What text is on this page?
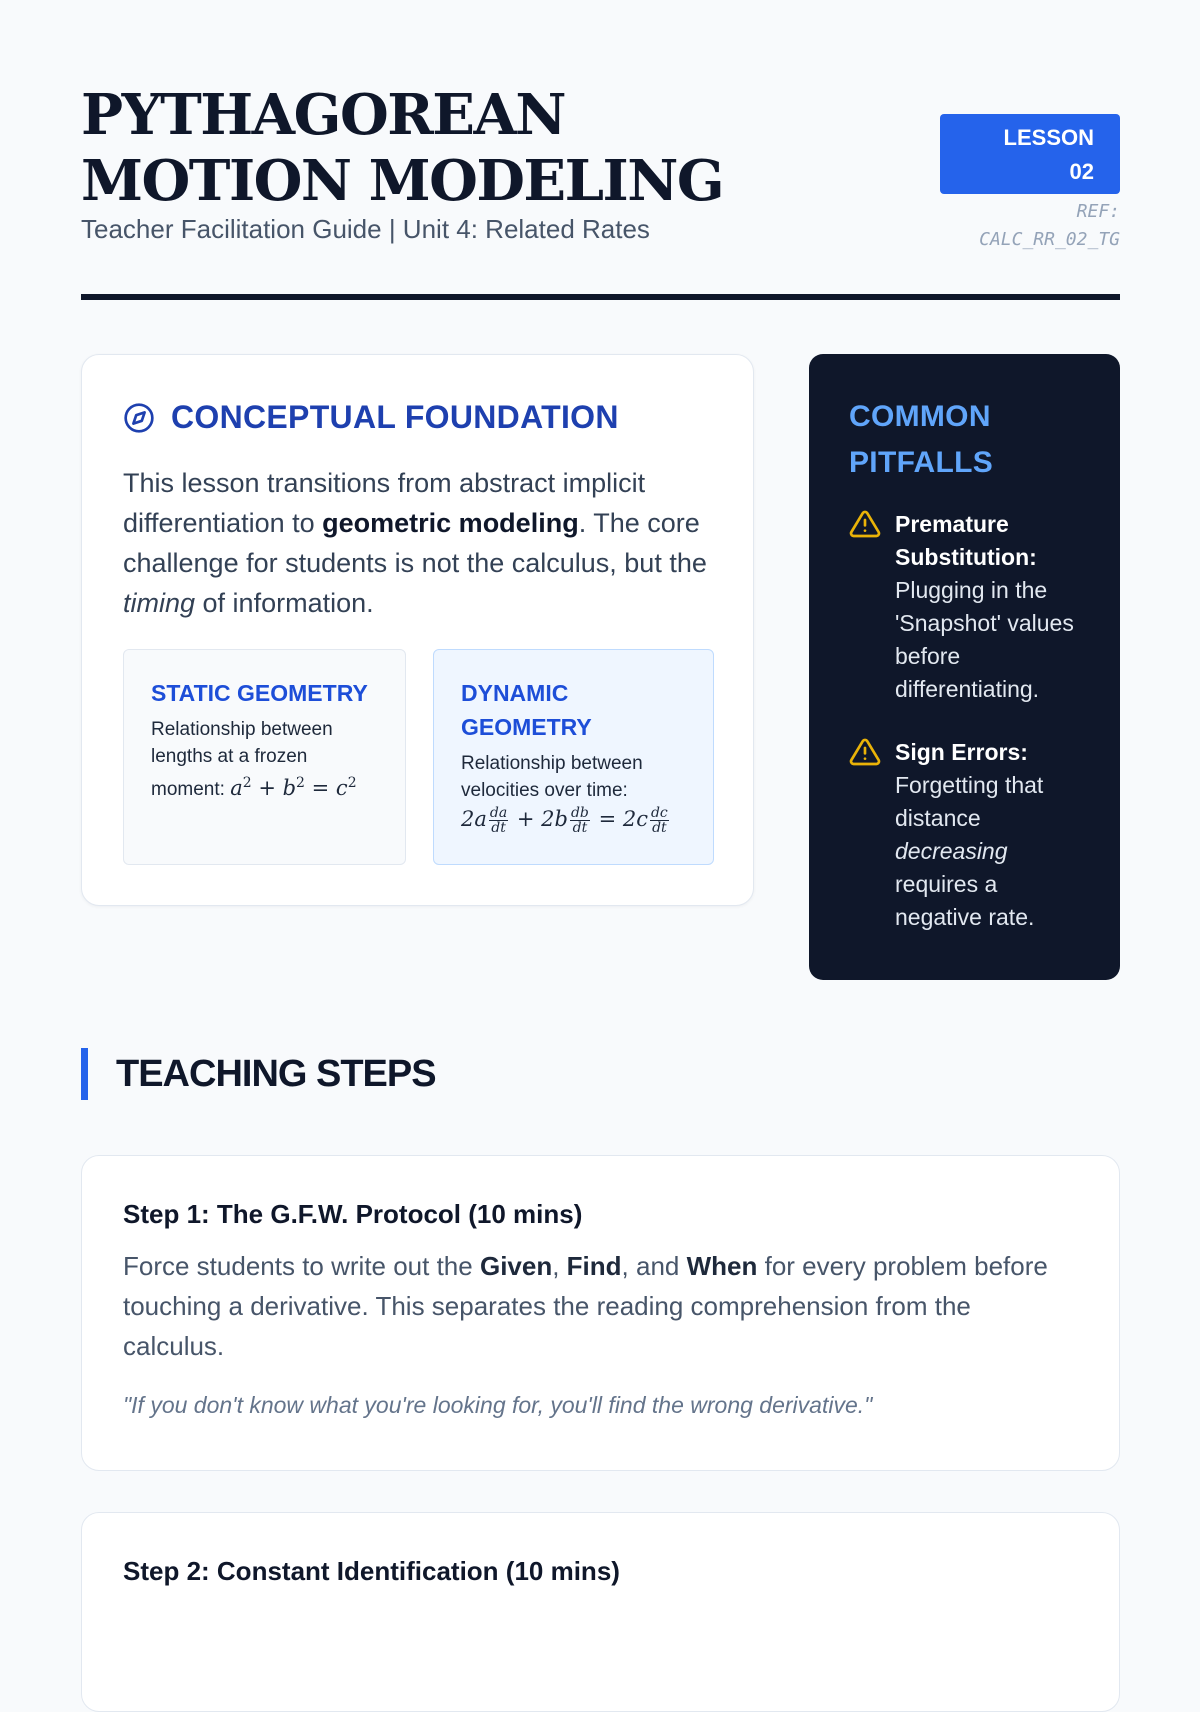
PYTHAGOREAN MOTION MODELING
Teacher Facilitation Guide | Unit 4: Related Rates
LESSON
02
REF:
CALC_RR_02_TG
CONCEPTUAL FOUNDATION
This lesson transitions from abstract implicit differentiation to geometric modeling. The core challenge for students is not the calculus, but the timing of information.
STATIC GEOMETRY
Relationship between lengths at a frozen moment: $a^2 + b^2 = c^2$
DYNAMIC GEOMETRY
Relationship between velocities over time:
$2a \frac{da}{dt} + 2b \frac{db}{dt} = 2c \frac{dc}{dt}$
COMMON PITFALLS
Premature Substitution: Plugging in the 'Snapshot' values before differentiating.
Sign Errors: Forgetting that distance decreasing requires a negative rate.
TEACHING STEPS
Step 1: The G.F.W. Protocol (10 mins)
Force students to write out the Given, Find, and When for every problem before touching a derivative. This separates the reading comprehension from the calculus.
"If you don't know what you're looking for, you'll find the wrong derivative."
Step 2: Constant Identification (10 mins)
